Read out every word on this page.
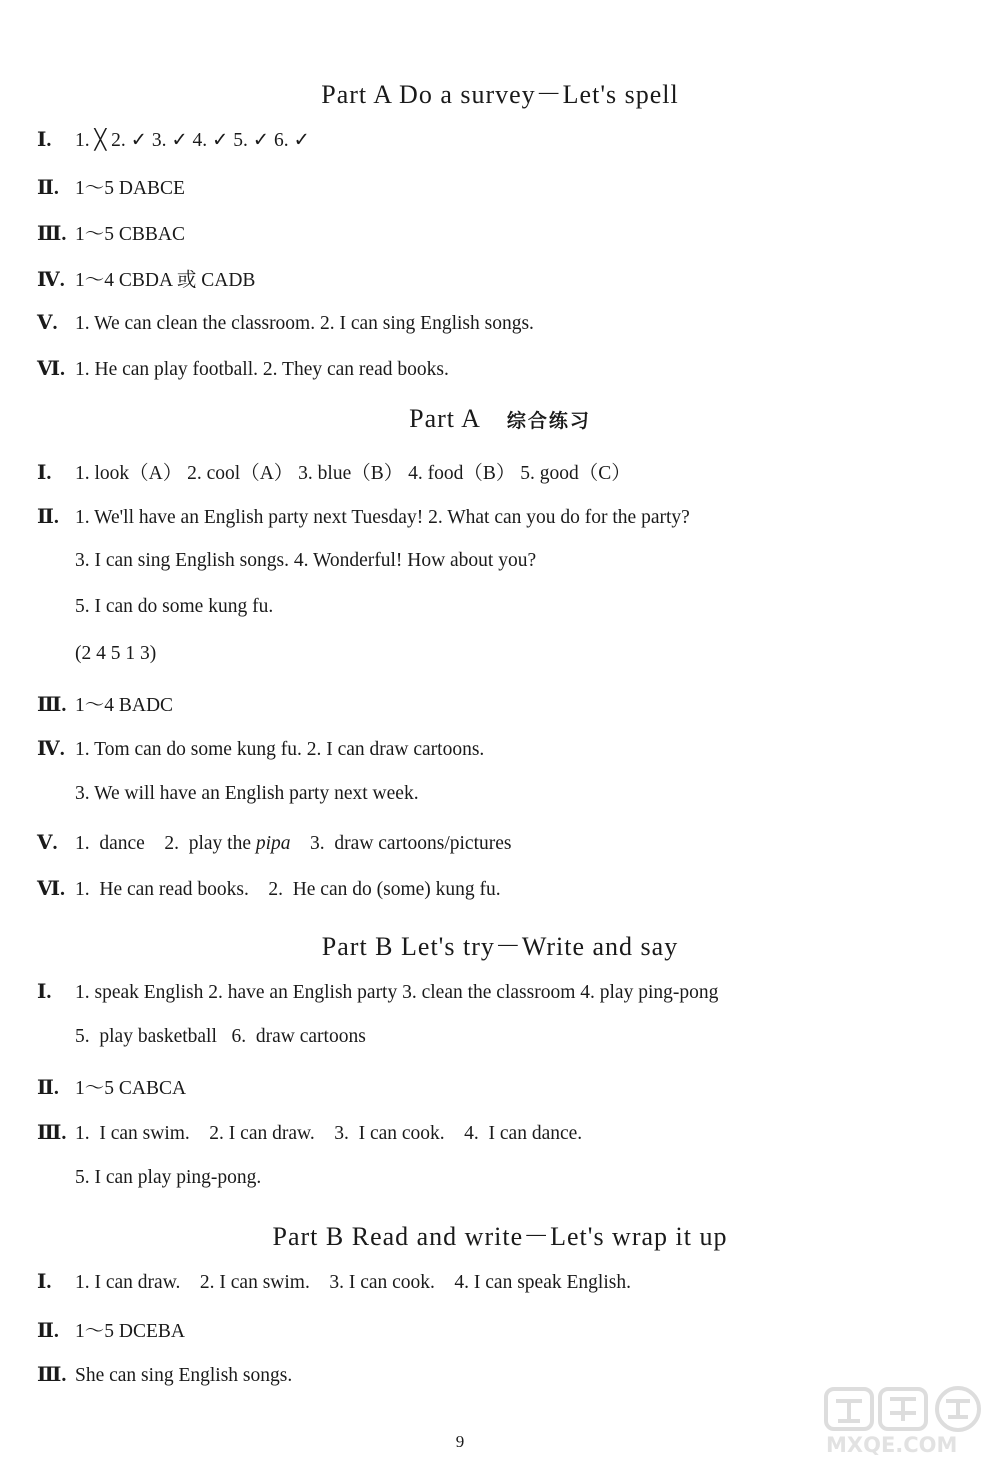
Part A Do a survey－Let's spell
Ⅰ. 1. ╳ 2. ✓ 3. ✓ 4. ✓ 5. ✓ 6. ✓
Ⅱ. 1～5 DABCE
Ⅲ. 1～5 CBBAC
Ⅳ. 1～4 CBDA 或 CADB
Ⅴ. 1. We can clean the classroom. 2. I can sing English songs.
Ⅵ. 1. He can play football. 2. They can read books.
Part A 综合练习
Ⅰ. 1. look（A） 2. cool（A） 3. blue（B） 4. food（B） 5. good（C）
Ⅱ. 1. We'll have an English party next Tuesday! 2. What can you do for the party?
3. I can sing English songs. 4. Wonderful! How about you?
5. I can do some kung fu.
(2 4 5 1 3)
Ⅲ. 1～4 BADC
Ⅳ. 1. Tom can do some kung fu. 2. I can draw cartoons.
3. We will have an English party next week.
Ⅴ. 1.  dance    2.  play the pipa    3.  draw cartoons/pictures
Ⅵ. 1.  He can read books.    2.  He can do (some) kung fu.
Part B Let's try－Write and say
Ⅰ. 1. speak English 2. have an English party 3. clean the classroom 4. play ping-pong
5.  play basketball   6.  draw cartoons
Ⅱ. 1～5 CABCA
Ⅲ. 1.  I can swim.    2. I can draw.    3.  I can cook.    4.  I can dance.
5. I can play ping-pong.
Part B Read and write－Let's wrap it up
Ⅰ. 1. I can draw.    2. I can swim.    3. I can cook.    4. I can speak English.
Ⅱ. 1～5 DCEBA
Ⅲ. She can sing English songs.
9	MXQE.COM
